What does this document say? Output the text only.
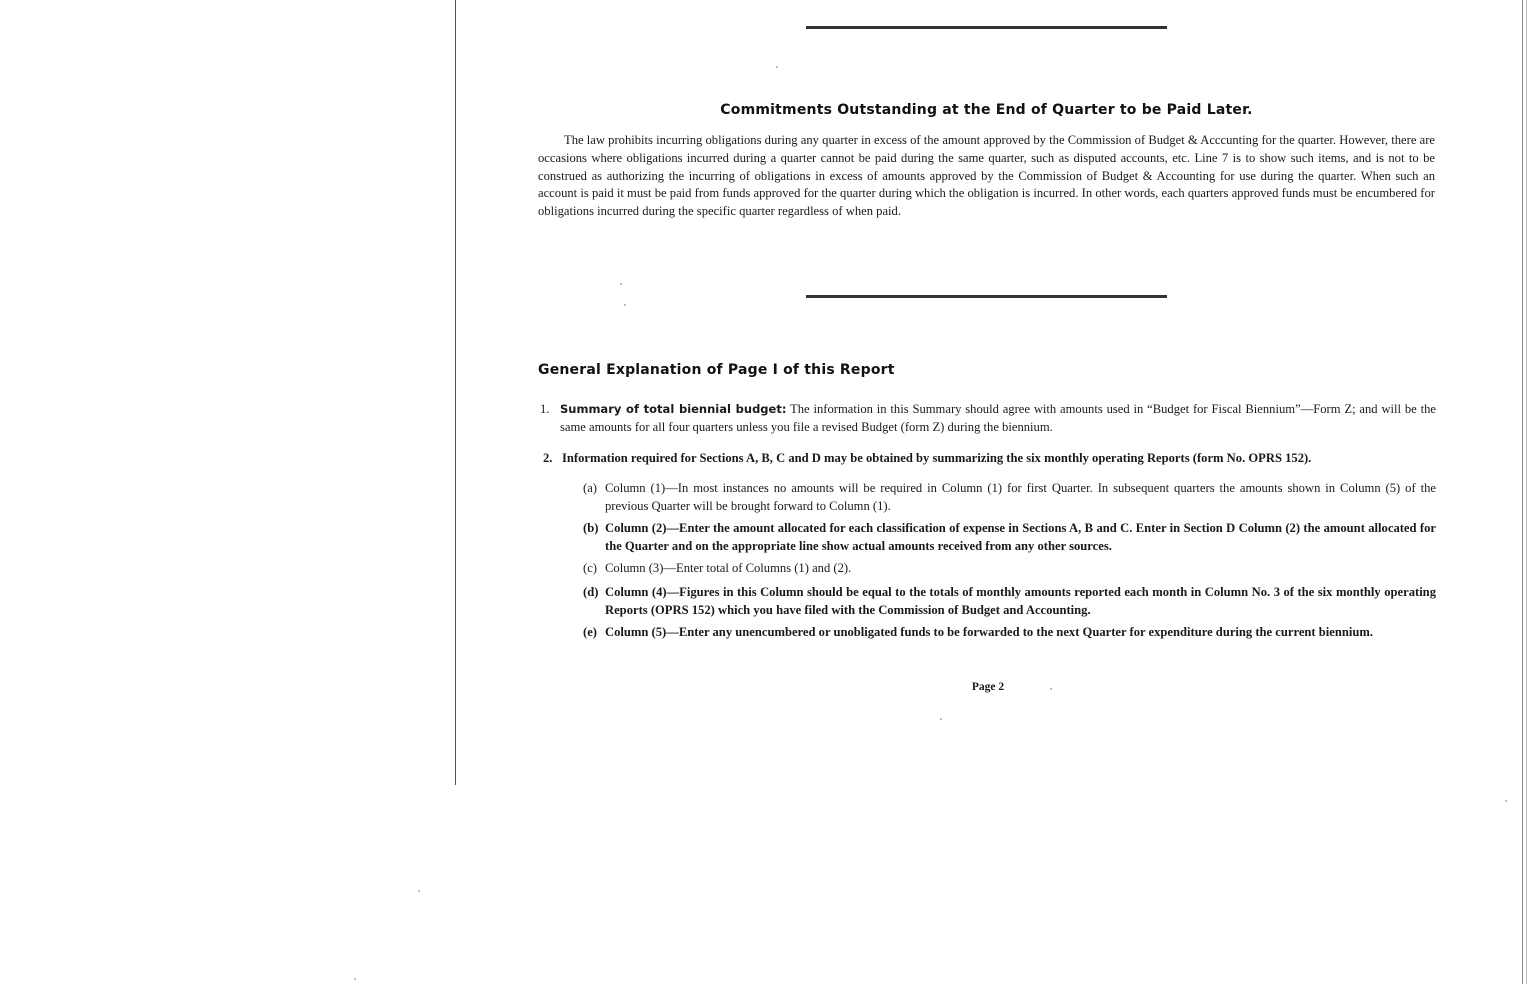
Commitments Outstanding at the End of Quarter to be Paid Later.

The law prohibits incurring obligations during any quarter in excess of the amount approved by the Commission of Budget & Acccunting for the quarter. However, there are occasions where obligations incurred during a quarter cannot be paid during the same quarter, such as disputed accounts, etc. Line 7 is to show such items, and is not to be construed as authorizing the incurring of obligations in excess of amounts approved by the Commission of Budget & Accounting for use during the quarter. When such an account is paid it must be paid from funds approved for the quarter during which the obligation is incurred. In other words, each quarters approved funds must be encumbered for obligations incurred during the specific quarter regardless of when paid.

General Explanation of Page I of this Report

1. Summary of total biennial budget: The information in this Summary should agree with amounts used in “Budget for Fiscal Biennium”—Form Z; and will be the same amounts for all four quarters unless you file a revised Budget (form Z) during the biennium.

2. Information required for Sections A, B, C and D may be obtained by summarizing the six monthly operating Reports (form No. OPRS 152).

(a) Column (1)—In most instances no amounts will be required in Column (1) for first Quarter. In subsequent quarters the amounts shown in Column (5) of the previous Quarter will be brought forward to Column (1).

(b) Column (2)—Enter the amount allocated for each classification of expense in Sections A, B and C. Enter in Section D Column (2) the amount allocated for the Quarter and on the appropriate line show actual amounts received from any other sources.

(c) Column (3)—Enter total of Columns (1) and (2).

(d) Column (4)—Figures in this Column should be equal to the totals of monthly amounts reported each month in Column No. 3 of the six monthly operating Reports (OPRS 152) which you have filed with the Commission of Budget and Accounting.

(e) Column (5)—Enter any unencumbered or unobligated funds to be forwarded to the next Quarter for expenditure during the current biennium.

Page 2
